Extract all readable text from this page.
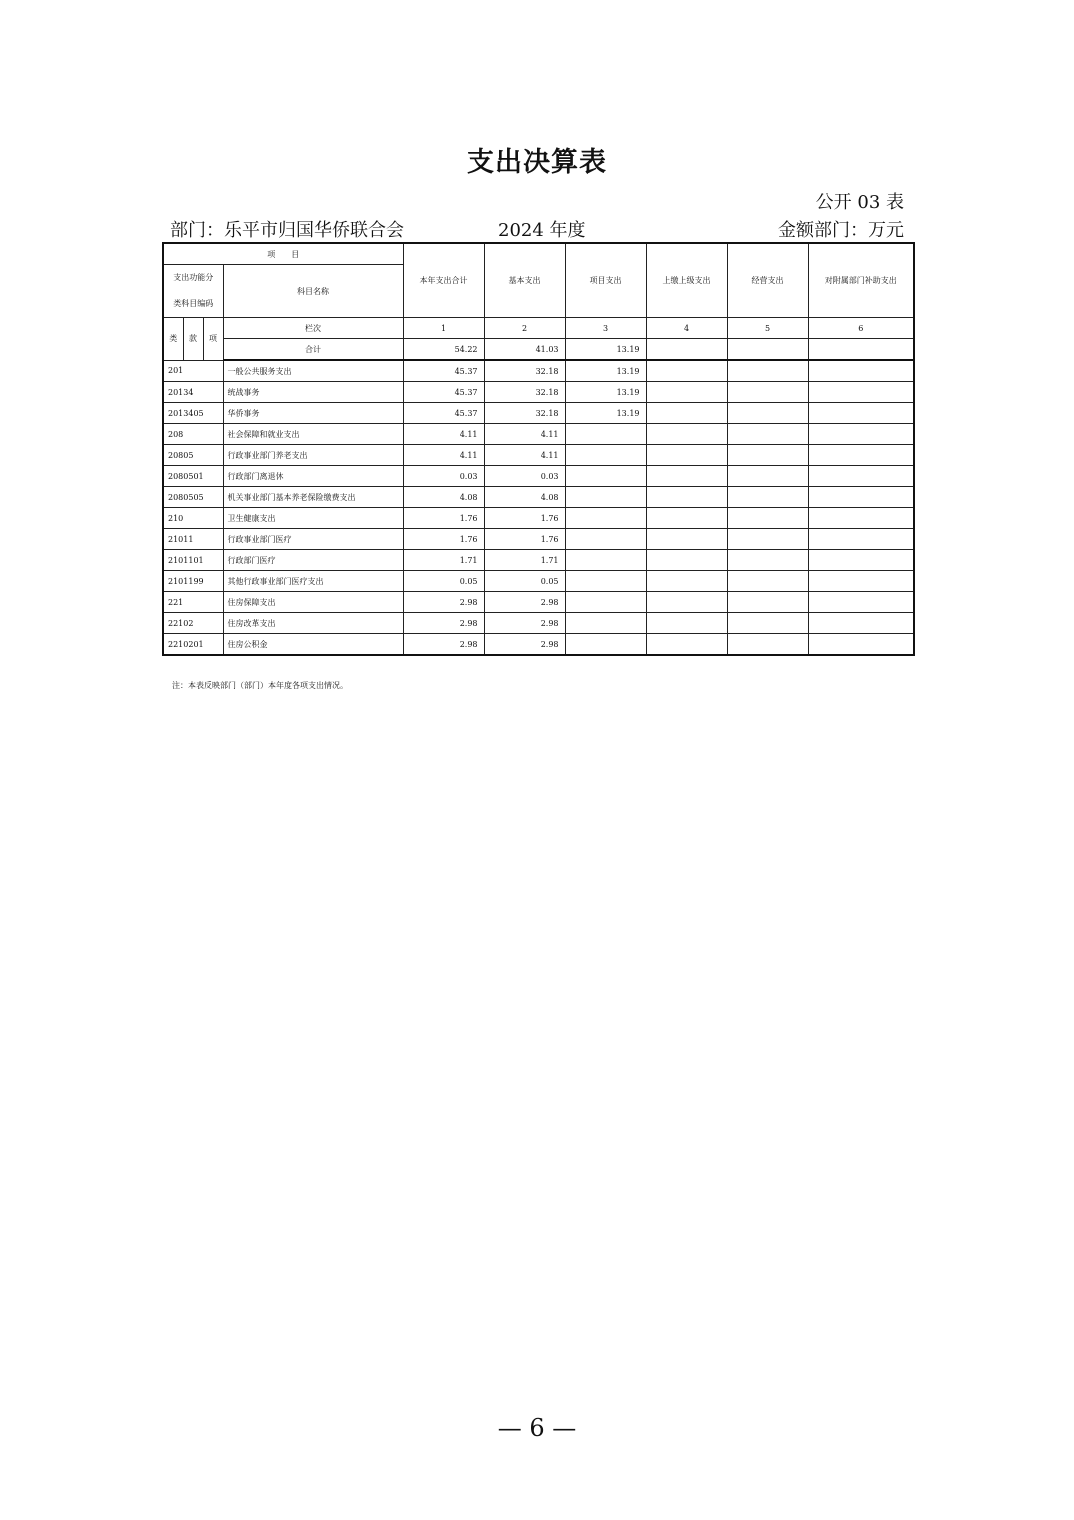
支出决算表
公开 03 表
部门：乐平市归国华侨联合会	2024 年度	金额部门：万元
项　　目				本年支出合计	基本支出	项目支出	上缴上级支出	经营支出	对附属部门补助支出

支出功能分
类科目编码			科目名称						

类	款	项	栏次	1	2	3	4	5	6
			合计	54.22	41.03	13.19			
201			一般公共服务支出	45.37	32.18	13.19			
20134			统战事务	45.37	32.18	13.19			
2013405			华侨事务	45.37	32.18	13.19			
208			社会保障和就业支出	4.11	4.11				
20805			行政事业部门养老支出	4.11	4.11				
2080501			行政部门离退休	0.03	0.03				
2080505			机关事业部门基本养老保险缴费支出	4.08	4.08				
210			卫生健康支出	1.76	1.76				
21011			行政事业部门医疗	1.76	1.76				
2101101			行政部门医疗	1.71	1.71				
2101199			其他行政事业部门医疗支出	0.05	0.05				
221			住房保障支出	2.98	2.98				
22102			住房改革支出	2.98	2.98				
2210201			住房公积金	2.98	2.98				
注：本表反映部门（部门）本年度各项支出情况。
— 6 —
